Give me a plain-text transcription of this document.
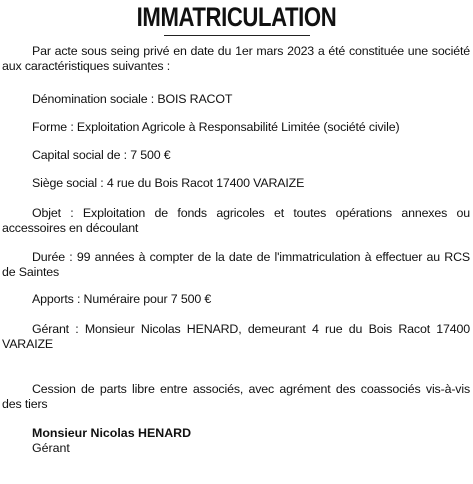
IMMATRICULATION

Par acte sous seing privé en date du 1er mars 2023 a été constituée une société aux caractéristiques suivantes :

Dénomination sociale : BOIS RACOT

Forme : Exploitation Agricole à Responsabilité Limitée (société civile)

Capital social de : 7 500 €

Siège social : 4 rue du Bois Racot 17400 VARAIZE

Objet : Exploitation de fonds agricoles et toutes opérations annexes ou accessoires en découlant

Durée : 99 années à compter de la date de l'immatriculation à effectuer au RCS de Saintes

Apports : Numéraire pour 7 500 €

Gérant : Monsieur Nicolas HENARD, demeurant 4 rue du Bois Racot 17400 VARAIZE

Cession de parts libre entre associés, avec agrément des coassociés vis-à-vis des tiers

Monsieur Nicolas HENARD
Gérant
